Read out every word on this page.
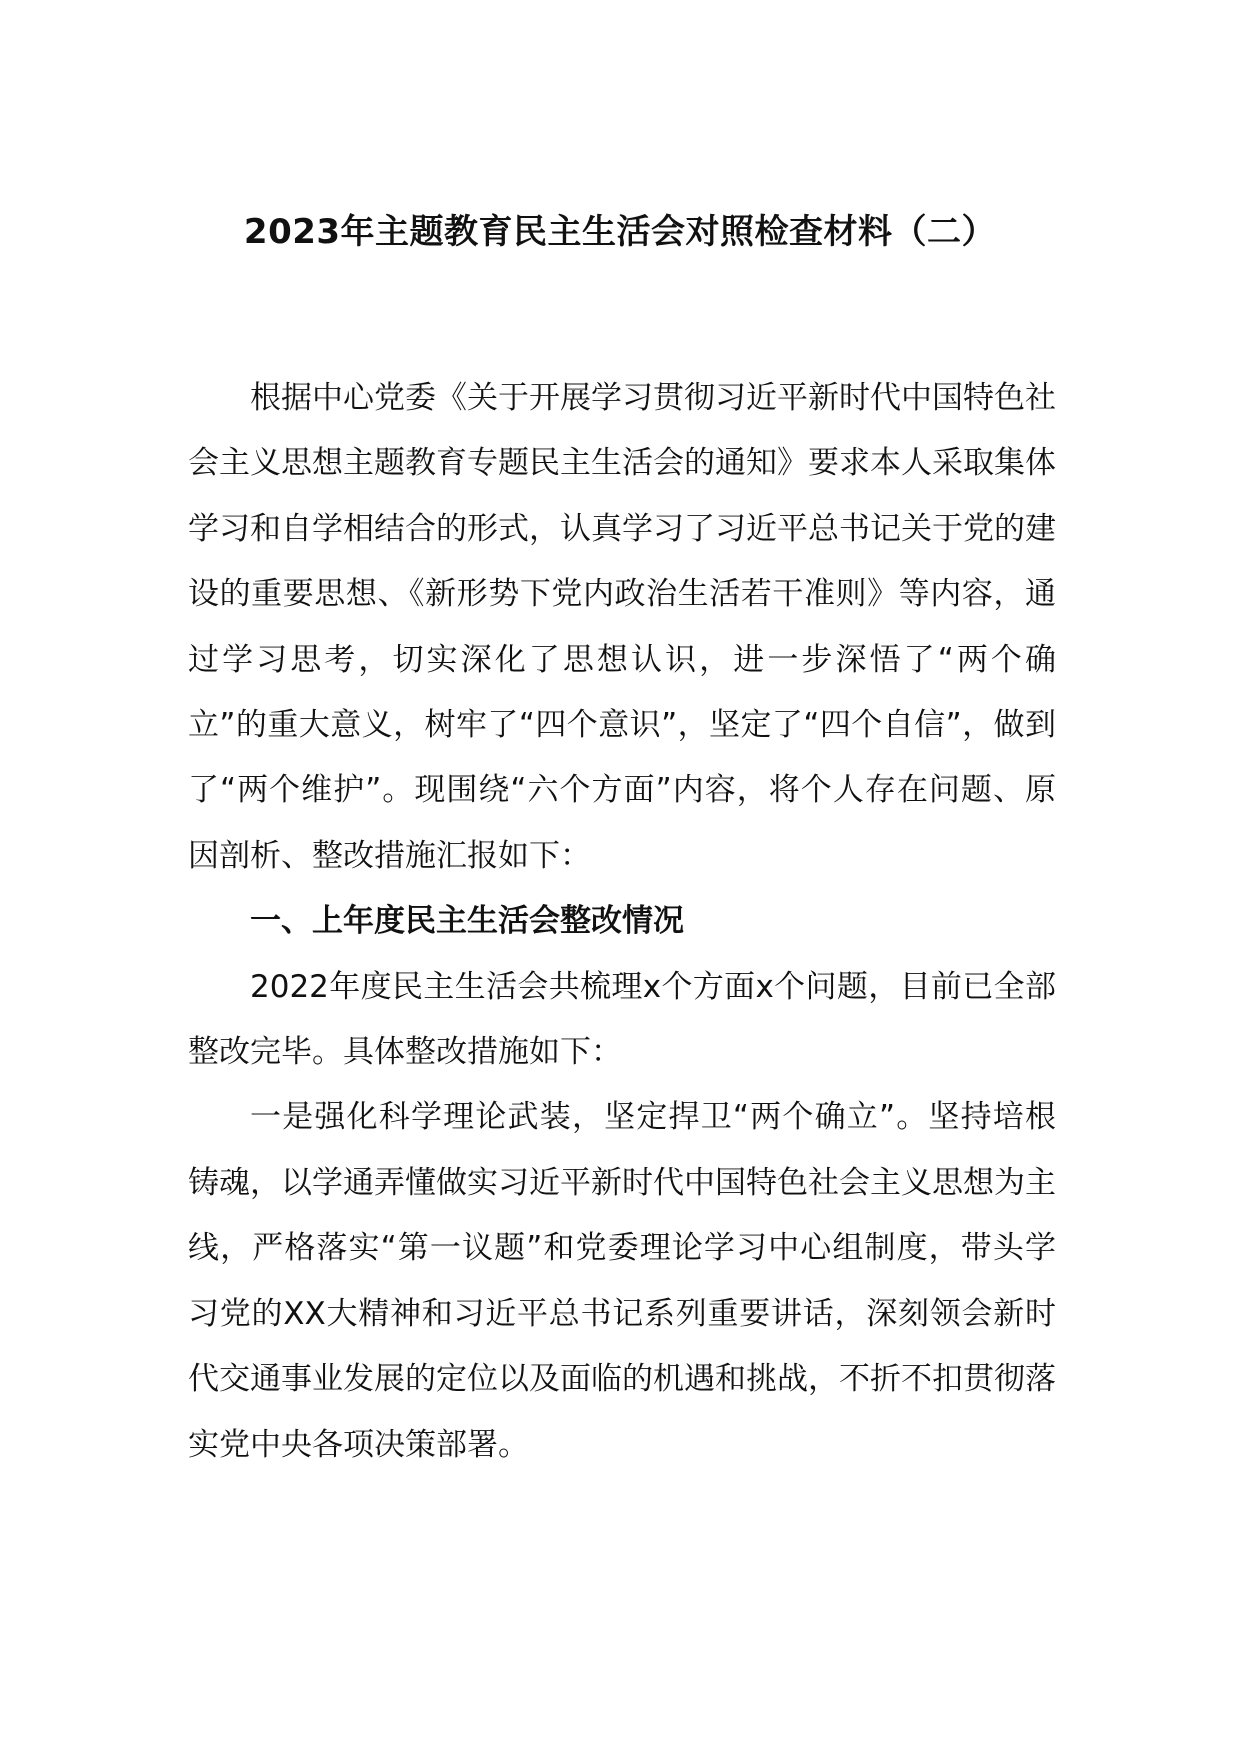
2023年主题教育民主生活会对照检查材料（二）

根据中心党委《关于开展学习贯彻习近平新时代中国特色社会主义思想主题教育专题民主生活会的通知》要求本人采取集体学习和自学相结合的形式，认真学习了习近平总书记关于党的建设的重要思想、《新形势下党内政治生活若干准则》等内容，通过学习思考，切实深化了思想认识，进一步深悟了“两个确立”的重大意义，树牢了“四个意识”，坚定了“四个自信”，做到了“两个维护”。现围绕“六个方面”内容，将个人存在问题、原因剖析、整改措施汇报如下：

一、上年度民主生活会整改情况

2022年度民主生活会共梳理x个方面x个问题，目前已全部整改完毕。具体整改措施如下：

一是强化科学理论武装，坚定捍卫“两个确立”。坚持培根铸魂，以学通弄懂做实习近平新时代中国特色社会主义思想为主线，严格落实“第一议题”和党委理论学习中心组制度，带头学习党的XX大精神和习近平总书记系列重要讲话，深刻领会新时代交通事业发展的定位以及面临的机遇和挑战，不折不扣贯彻落实党中央各项决策部署。
